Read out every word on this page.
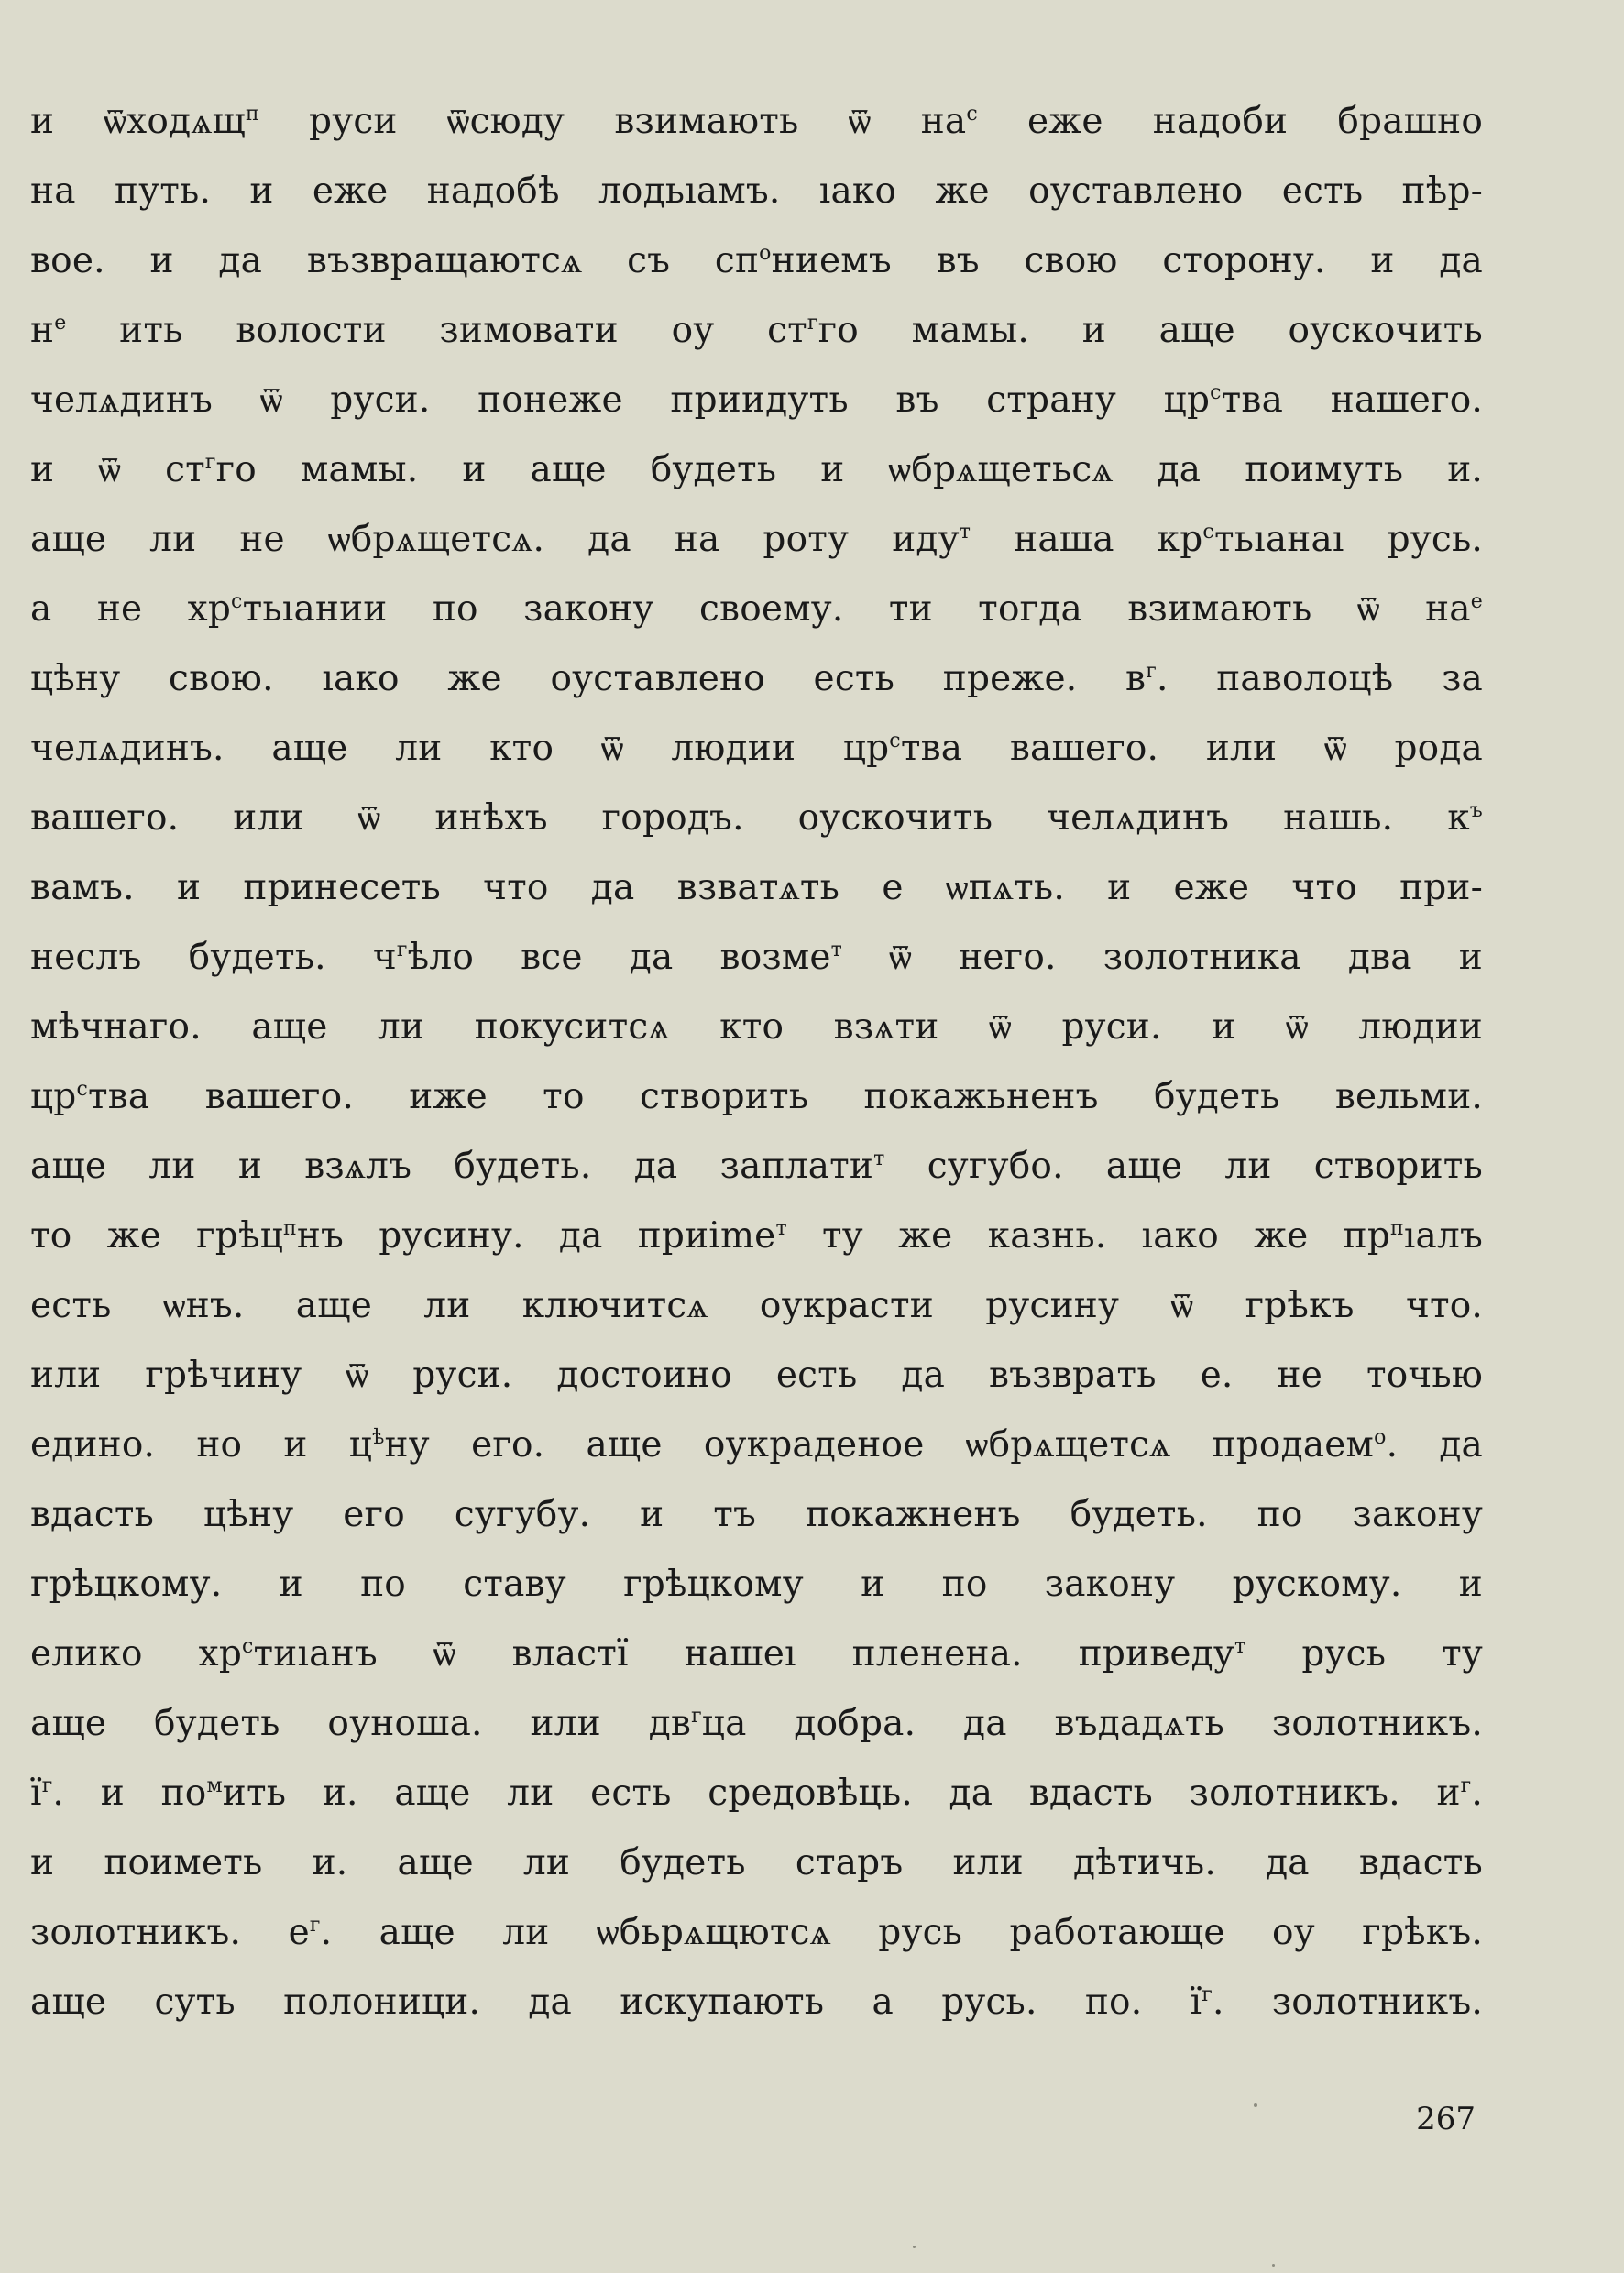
и ѿходѧщ$^п$ руси ѿсюду взимають ѿ $на^с$ еже надоби брашно
на путь. и еже надобѣ лодьıамъ. ıако же оуставлено есть пѣр-
вое. и да възвращаютсѧ съ $сп^ониемъ$ въ свою сторону. и да
$н^е$ ить волости зимовати оу $ст^гго$ мамы. и аще оускочить
челѧдинъ ѿ руси. понеже приидуть въ страну $цр^ства$ нашего.
и ѿ $ст^гго$ мамы. и аще будеть и ѡбрѧщетьсѧ да поимуть и.
аще ли не ѡбрѧщетсѧ. да на роту иду$^т$ наша $кр^стьıанаı$ русь.
а не $хр^стьıании$ по закону своему. ти тогда взимають ѿ $на^е$
цѣну свою. ıако же оуставлено есть преже. $в^г$. паволоцѣ за
челѧдинъ. аще ли кто ѿ людии $цр^ства$ вашего. или ѿ рода
вашего. или ѿ инѣхъ городъ. оускочить челѧдинъ нашь. $к^ъ$
вамъ. и принесеть что да взватѧть е ѡпѧть. и еже что при-
неслъ будеть. $ч^гѣло$ все да возме$^т$ ѿ него. золотника два и
мѣчнаго. аще ли покуситсѧ кто взѧти ѿ руси. и ѿ людии
$цр^ства$ вашего. иже то створить покажьненъ будеть вельми.
аще ли и взѧлъ будеть. да заплати$^т$ сугубо. аще ли створить
то же грѣц$^п$нъ русину. да приime$^т$ ту же казнь. ıако же $пр^пıалъ$
есть ѡнъ. аще ли ключитсѧ оукрасти русину ѿ грѣкъ что.
или грѣчину ѿ руси. достоино есть да възврать е. не точью
едино. но и $ц^ѣну$ его. аще оукраденое ѡбрѧщетсѧ продаем$^о$. да
вдасть цѣну его сугубу. и тъ покажненъ будеть. по закону
грѣцкому. и по ставу грѣцкому и по закону рускому. и
елико $хр^стиıанъ$ ѿ властї нашеı пленена. приведу$^т$ русь ту
аще будеть оуноша. или $дв^гца$ добра. да въдадѧть золотникъ.
$ї^г$. и $по^мить$ и. аще ли есть средовѣць. да вдасть золотникъ. $и^г$.
и поиметь и. аще ли будеть старъ или дѣтичь. да вдасть
золотникъ. $е^г$. аще ли ѡбьрѧщютсѧ русь работающе оу грѣкъ.
аще суть полоници. да искупають а русь. по. $ї^г$. золотникъ.
267
